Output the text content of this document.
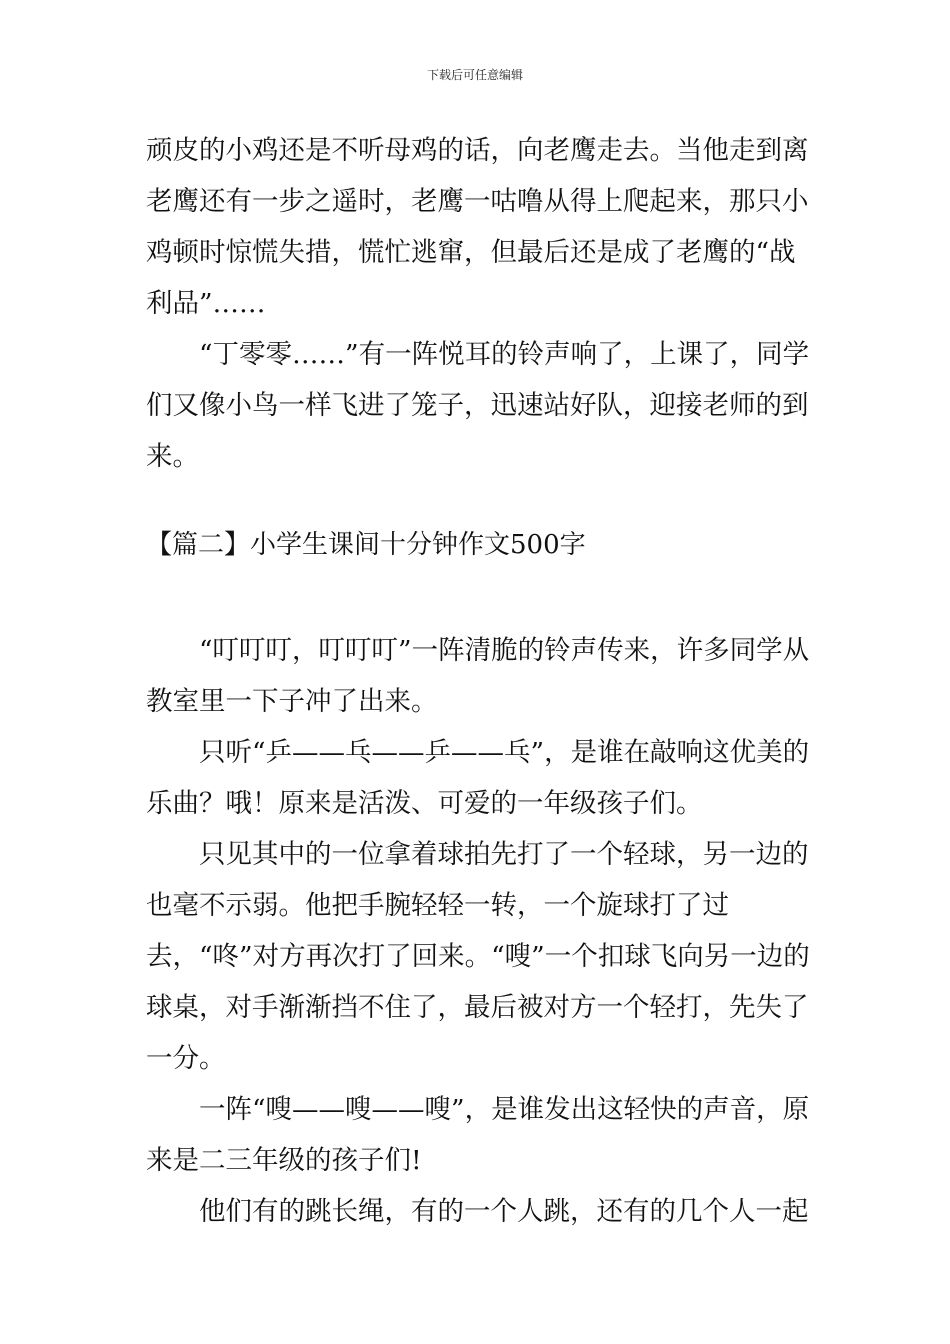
下载后可任意编辑

顽皮的小鸡还是不听母鸡的话，向老鹰走去。当他走到离老鹰还有一步之遥时，老鹰一咕噜从得上爬起来，那只小鸡顿时惊慌失措，慌忙逃窜，但最后还是成了老鹰的“战利品”……

　　“丁零零……”有一阵悦耳的铃声响了，上课了，同学们又像小鸟一样飞进了笼子，迅速站好队，迎接老师的到来。

【篇二】小学生课间十分钟作文500字

　　“叮叮叮，叮叮叮”一阵清脆的铃声传来，许多同学从教室里一下子冲了出来。

　　只听“乒——乓——乒——乓”，是谁在敲响这优美的乐曲？哦！原来是活泼、可爱的一年级孩子们。

　　只见其中的一位拿着球拍先打了一个轻球，另一边的也毫不示弱。他把手腕轻轻一转，一个旋球打了过去，“咚”对方再次打了回来。“嗖”一个扣球飞向另一边的球桌，对手渐渐挡不住了，最后被对方一个轻打，先失了一分。

　　一阵“嗖——嗖——嗖”，是谁发出这轻快的声音，原来是二三年级的孩子们!

　　他们有的跳长绳，有的一个人跳，还有的几个人一起
